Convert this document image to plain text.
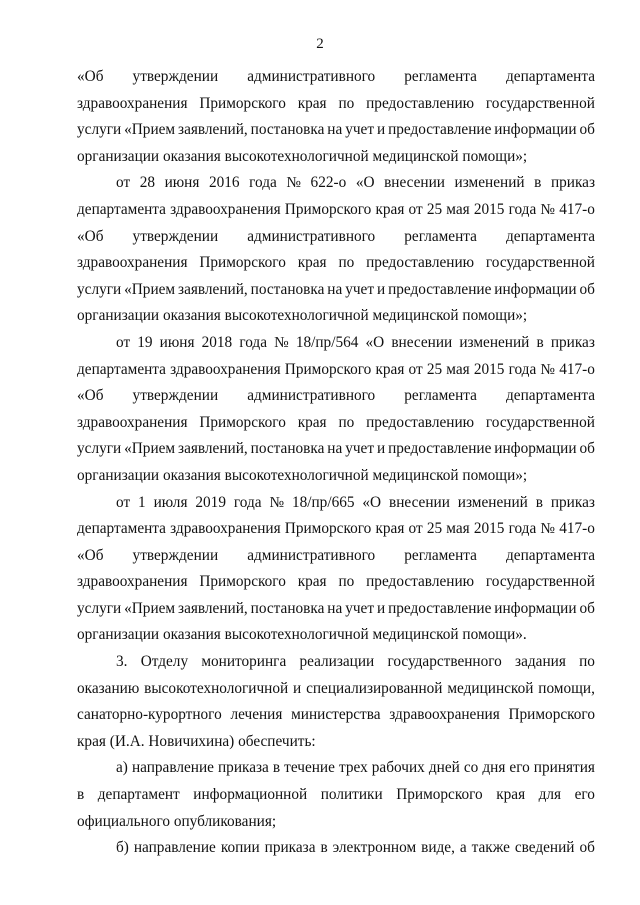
2
«Об утверждении административного регламента департамента
здравоохранения Приморского края по предоставлению государственной
услуги «Прием заявлений, постановка на учет и предоставление информации об
организации оказания высокотехнологичной медицинской помощи»;
от 28 июня 2016 года № 622-о «О внесении изменений в приказ
департамента здравоохранения Приморского края от 25 мая 2015 года № 417-о
«Об утверждении административного регламента департамента
здравоохранения Приморского края по предоставлению государственной
услуги «Прием заявлений, постановка на учет и предоставление информации об
организации оказания высокотехнологичной медицинской помощи»;
от 19 июня 2018 года № 18/пр/564 «О внесении изменений в приказ
департамента здравоохранения Приморского края от 25 мая 2015 года № 417-о
«Об утверждении административного регламента департамента
здравоохранения Приморского края по предоставлению государственной
услуги «Прием заявлений, постановка на учет и предоставление информации об
организации оказания высокотехнологичной медицинской помощи»;
от 1 июля 2019 года № 18/пр/665 «О внесении изменений в приказ
департамента здравоохранения Приморского края от 25 мая 2015 года № 417-о
«Об утверждении административного регламента департамента
здравоохранения Приморского края по предоставлению государственной
услуги «Прием заявлений, постановка на учет и предоставление информации об
организации оказания высокотехнологичной медицинской помощи».
3. Отделу мониторинга реализации государственного задания по
оказанию высокотехнологичной и специализированной медицинской помощи,
санаторно-курортного лечения министерства здравоохранения Приморского
края (И.А. Новичихина) обеспечить:
а) направление приказа в течение трех рабочих дней со дня его принятия
в департамент информационной политики Приморского края для его
официального опубликования;
б) направление копии приказа в электронном виде, а также сведений об
